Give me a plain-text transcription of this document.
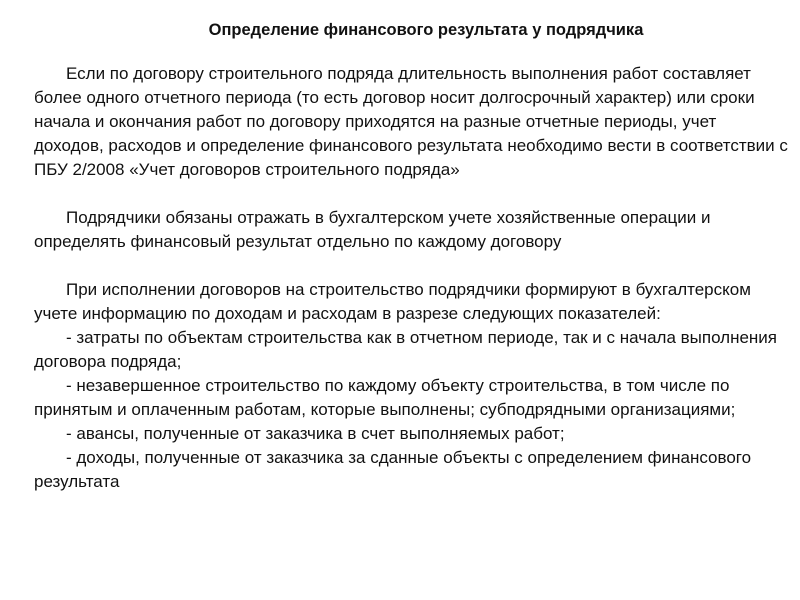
Определение финансового результата у подрядчика

Если по договору строительного подряда длительность выполнения работ составляет более одного отчетного периода (то есть договор носит долгосрочный характер) или сроки начала и окончания работ по договору приходятся на разные отчетные периоды, учет доходов, расходов и определение финансового результата необходимо вести в соответствии с ПБУ 2/2008 «Учет договоров строительного подряда»

Подрядчики обязаны отражать в бухгалтерском учете хозяйственные операции и определять финансовый результат отдельно по каждому договору

При исполнении договоров на строительство подрядчики формируют в бухгалтерском учете информацию по доходам и расходам в разрезе следующих показателей:

- затраты по объектам строительства как в отчетном периоде, так и с начала выполнения договора подряда;

- незавершенное строительство по каждому объекту строительства, в том числе по принятым и оплаченным работам, которые выполнены; субподрядными организациями;

- авансы, полученные от заказчика в счет выполняемых работ;

- доходы, полученные от заказчика за сданные объекты с определением финансового результата
